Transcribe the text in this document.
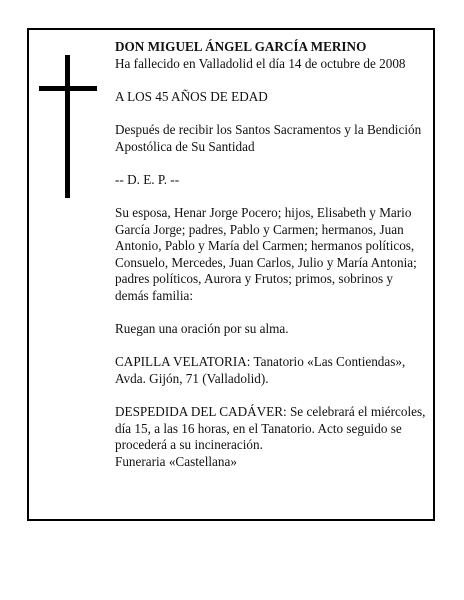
DON MIGUEL ÁNGEL GARCÍA MERINO
Ha fallecido en Valladolid el día 14 de octubre de 2008

A LOS 45 AÑOS DE EDAD

Después de recibir los Santos Sacramentos y la Bendición Apostólica de Su Santidad

-- D. E. P. --

Su esposa, Henar Jorge Pocero; hijos, Elisabeth y Mario García Jorge; padres, Pablo y Carmen; hermanos, Juan Antonio, Pablo y María del Carmen; hermanos políticos, Consuelo, Mercedes, Juan Carlos, Julio y María Antonia; padres políticos, Aurora y Frutos; primos, sobrinos y demás familia:

Ruegan una oración por su alma.

CAPILLA VELATORIA: Tanatorio «Las Contiendas», Avda. Gijón, 71 (Valladolid).

DESPEDIDA DEL CADÁVER: Se celebrará el miércoles, día 15, a las 16 horas, en el Tanatorio. Acto seguido se procederá a su incineración.

Funeraria «Castellana»
